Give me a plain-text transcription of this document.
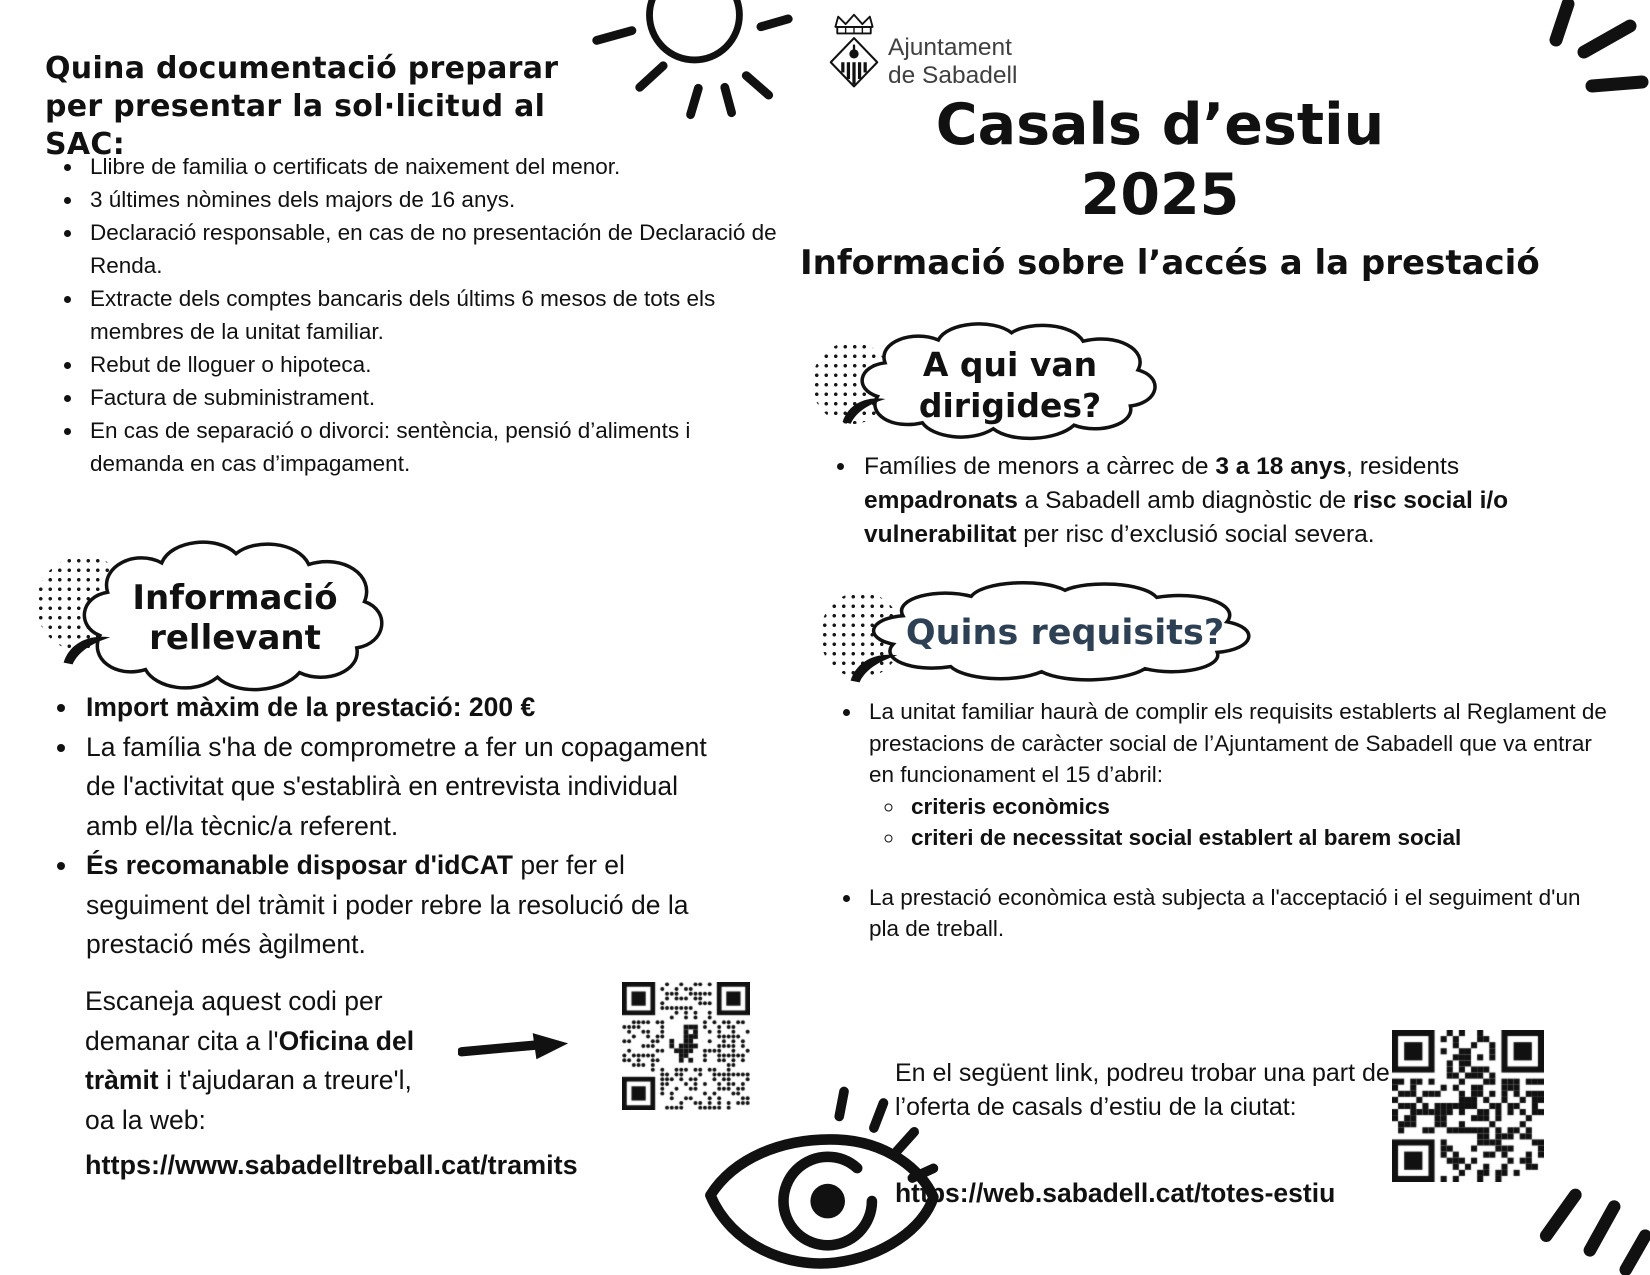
Quina documentació preparar per presentar la sol·licitud al SAC:
• Llibre de familia o certificats de naixement del menor.
• 3 últimes nòmines dels majors de 16 anys.
• Declaració responsable, en cas de no presentación de Declaració de Renda.
• Extracte dels comptes bancaris dels últims 6 mesos de tots els membres de la unitat familiar.
• Rebut de lloguer o hipoteca.
• Factura de subministrament.
• En cas de separació o divorci: sentència, pensió d’aliments i demanda en cas d’impagament.
Informació rellevant
• Import màxim de la prestació: 200 €
• La família s'ha de comprometre a fer un copagament de l'activitat que s'establirà en entrevista individual amb el/la tècnic/a referent.
• És recomanable disposar d'idCAT per fer el seguiment del tràmit i poder rebre la resolució de la prestació més àgilment.
Escaneja aquest codi per demanar cita a l'Oficina del tràmit i t'ajudaran a treure'l, oa la web:
https://www.sabadelltreball.cat/tramits
Ajuntament
de Sabadell
Casals d’estiu
2025
Informació sobre l’accés a la prestació
A qui van dirigides?
• Famílies de menors a càrrec de 3 a 18 anys, residents empadronats a Sabadell amb diagnòstic de risc social i/o vulnerabilitat per risc d’exclusió social severa.
Quins requisits?
• La unitat familiar haurà de complir els requisits establerts al Reglament de prestacions de caràcter social de l’Ajuntament de Sabadell que va entrar en funcionament el 15 d’abril:
◦ criteris econòmics
◦ criteri de necessitat social establert al barem social
• La prestació econòmica està subjecta a l'acceptació i el seguiment d'un pla de treball.
En el següent link, podreu trobar una part de l’oferta de casals d’estiu de la ciutat:
https://web.sabadell.cat/totes-estiu
